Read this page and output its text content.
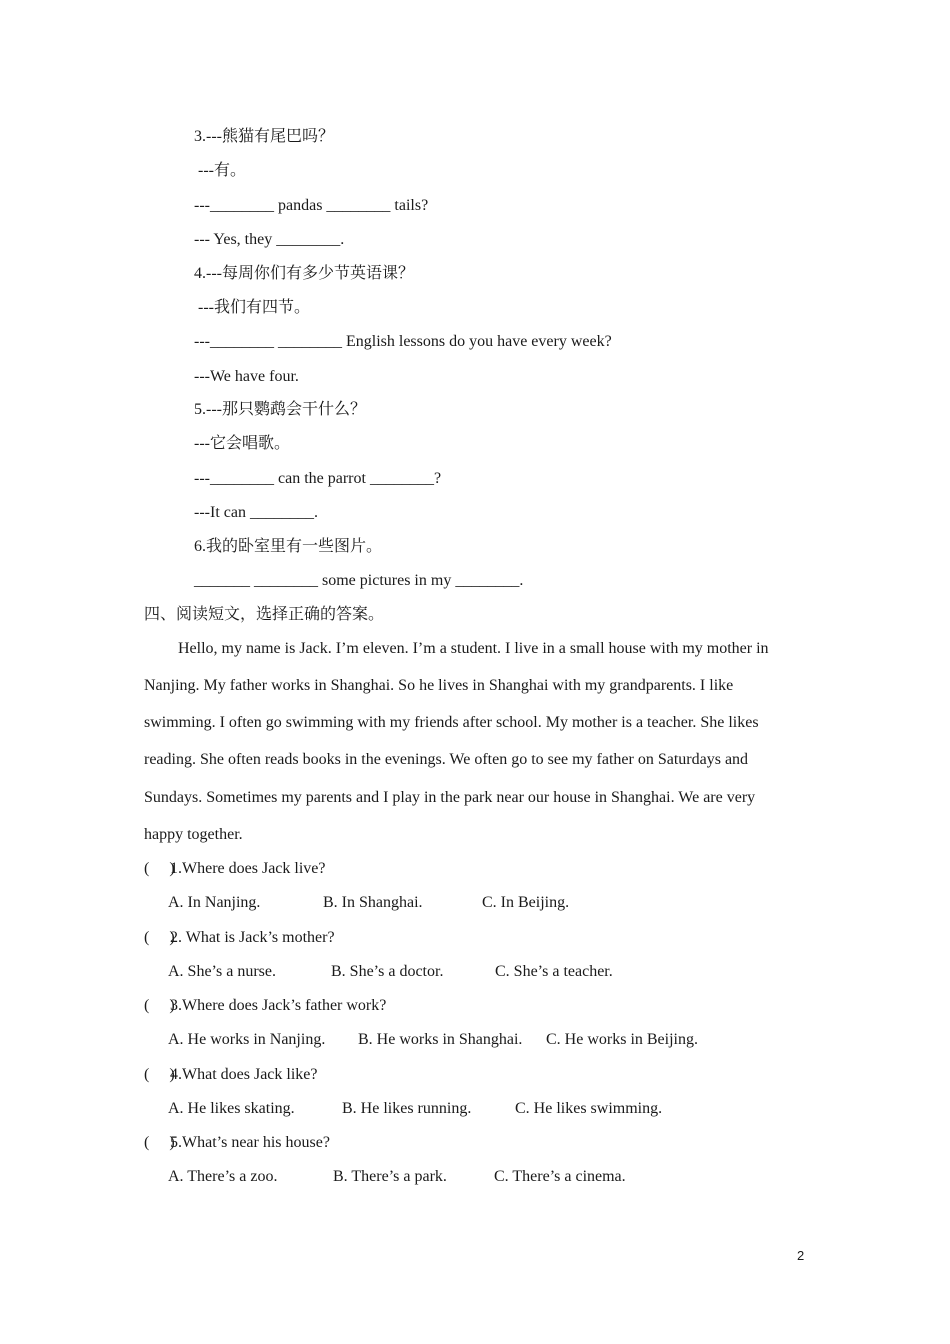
3.---熊猫有尾巴吗？
---有。
---________ pandas ________ tails?
--- Yes, they ________.
4.---每周你们有多少节英语课？
---我们有四节。
---________ ________ English lessons do you have every week?
---We have four.
5.---那只鹦鹉会干什么？
---它会唱歌。
---________ can the parrot ________?
---It can ________.
6.我的卧室里有一些图片。
_______ ________ some pictures in my ________.
四、阅读短文，选择正确的答案。
Hello, my name is Jack. I’m eleven. I’m a student. I live in a small house with my mother in
Nanjing. My father works in Shanghai. So he lives in Shanghai with my grandparents. I like
swimming. I often go swimming with my friends after school. My mother is a teacher. She likes
reading. She often reads books in the evenings. We often go to see my father on Saturdays and
Sundays. Sometimes my parents and I play in the park near our house in Shanghai. We are very
happy together.
(     )
1.Where does Jack live?

A. In Nanjing.

	B. In Shanghai.

	C. In Beijing.

(     )
2. What is Jack’s mother?

A. She’s a nurse.

	B. She’s a doctor.

	C. She’s a teacher.

(     )
3.Where does Jack’s father work?

A. He works in Nanjing.

B. He works in Shanghai.

C. He works in Beijing.

(     )
4.What does Jack like?

A. He likes skating.

	B. He likes running.

	C. He likes swimming.

(     )
5.What’s near his house?

A. There’s a zoo.

	B. There’s a park.

	C. There’s a cinema.

2
